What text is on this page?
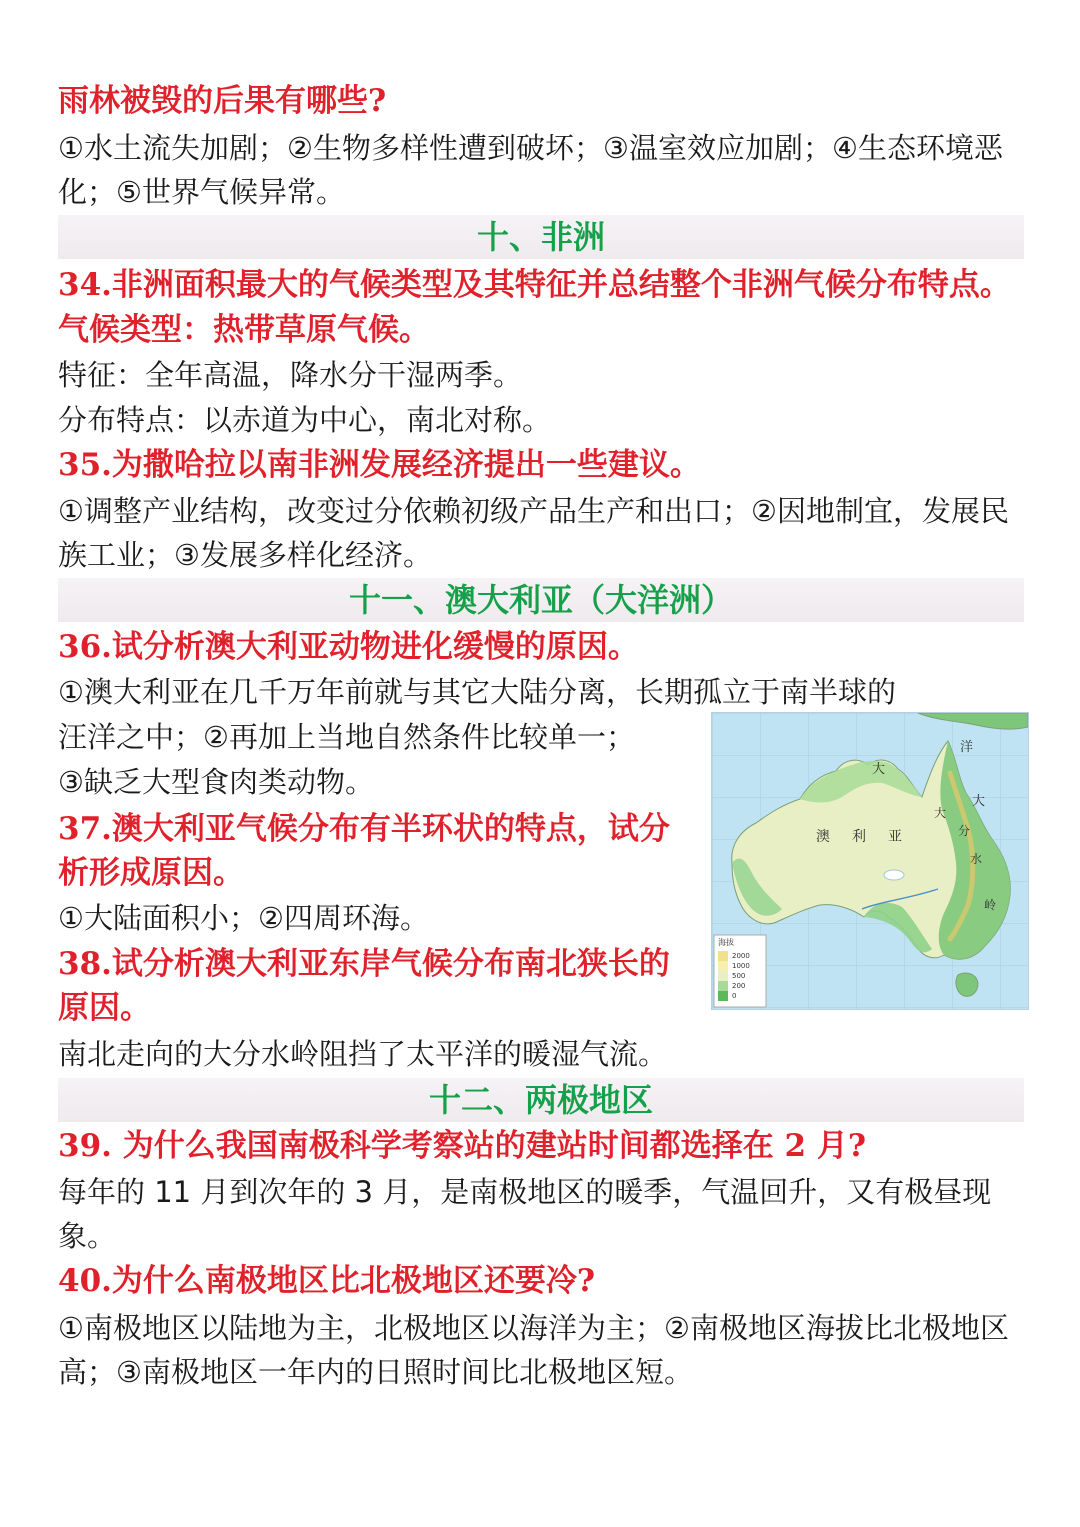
雨林被毁的后果有哪些?

①水土流失加剧；②生物多样性遭到破坏；③温室效应加剧；④生态环境恶化；⑤世界气候异常。

十、非洲

34.非洲面积最大的气候类型及其特征并总结整个非洲气候分布特点。

气候类型：热带草原气候。

特征：全年高温，降水分干湿两季。

分布特点：以赤道为中心，南北对称。

35.为撒哈拉以南非洲发展经济提出一些建议。

①调整产业结构，改变过分依赖初级产品生产和出口；②因地制宜，发展民族工业；③发展多样化经济。

十一、澳大利亚（大洋洲）

36.试分析澳大利亚动物进化缓慢的原因。

①澳大利亚在几千万年前就与其它大陆分离，长期孤立于南半球的

汪洋之中；②再加上当地自然条件比较单一；

③缺乏大型食肉类动物。

37.澳大利亚气候分布有半环状的特点，试分析形成原因。

①大陆面积小；②四周环海。

38.试分析澳大利亚东岸气候分布南北狭长的原因。

南北走向的大分水岭阻挡了太平洋的暖湿气流。

大
洋
大
利 亚
澳
大
分
水
岭
海拔
2000
1000
500
200
0
十二、两极地区

39. 为什么我国南极科学考察站的建站时间都选择在 2 月?

每年的 11 月到次年的 3 月，是南极地区的暖季，气温回升，又有极昼现象。

40.为什么南极地区比北极地区还要冷?

①南极地区以陆地为主，北极地区以海洋为主；②南极地区海拔比北极地区高；③南极地区一年内的日照时间比北极地区短。
